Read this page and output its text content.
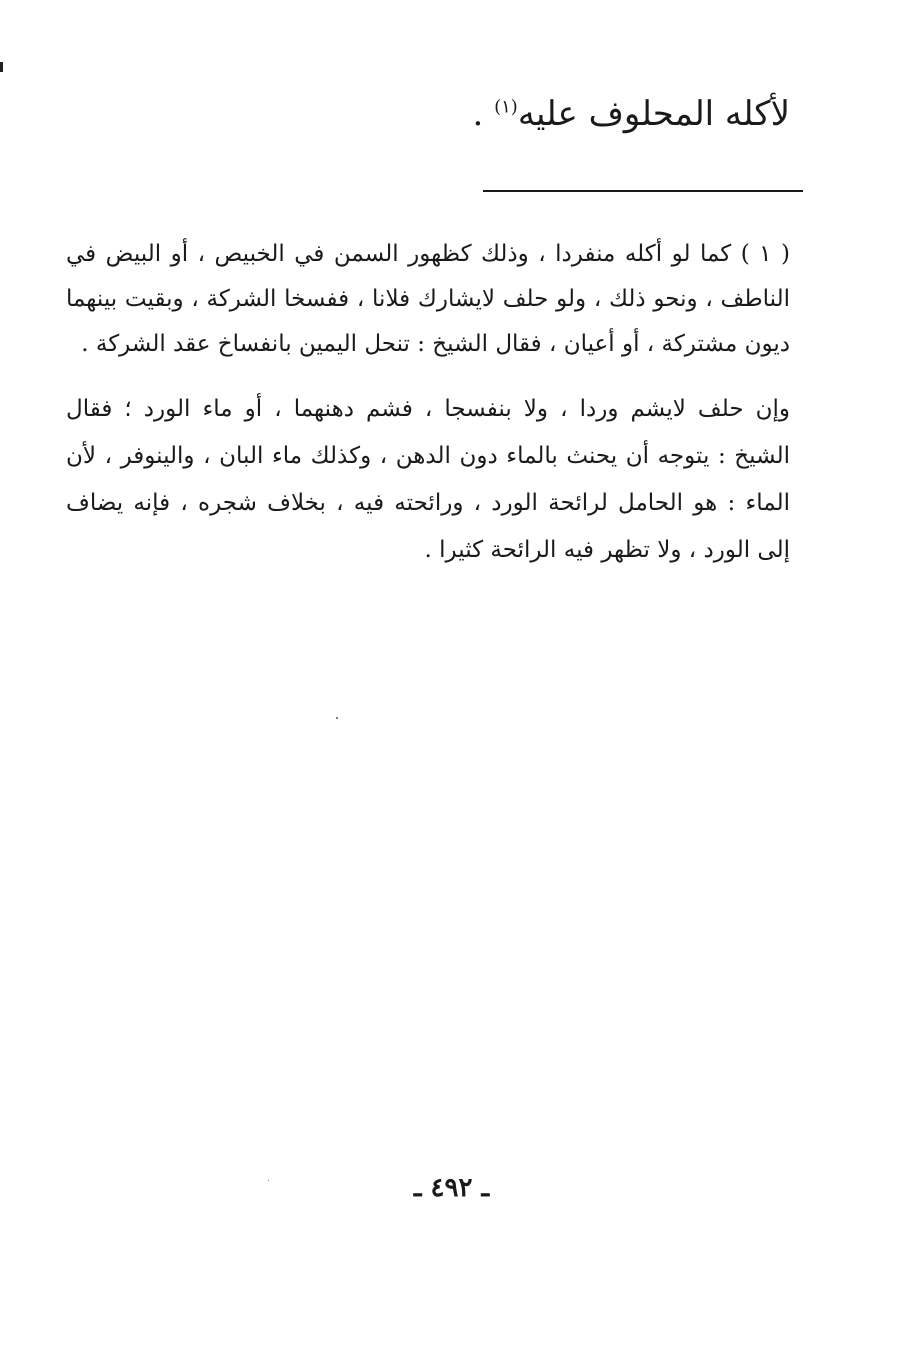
لأكله المحلوف عليه$^{(١)}$ .
( ١ ) كما لو أكله منفردا ، وذلك كظهور السمن في الخبيص ، أو البيض في
الناطف ، ونحو ذلك ، ولو حلف لايشارك فلانا ، ففسخا الشركة ، وبقيت بينهما
ديون مشتركة ، أو أعيان ، فقال الشيخ : تنحل اليمين بانفساخ عقد الشركة .
وإن حلف لايشم وردا ، ولا بنفسجا ، فشم دهنهما ، أو ماء الورد ؛ فقال
الشيخ : يتوجه أن يحنث بالماء دون الدهن ، وكذلك ماء البان ، والينوفر ، لأن
الماء : هو الحامل لرائحة الورد ، ورائحته فيه ، بخلاف شجره ، فإنه يضاف
إلى الورد ، ولا تظهر فيه الرائحة كثيرا .
ـ ٤٩٢ ـ
